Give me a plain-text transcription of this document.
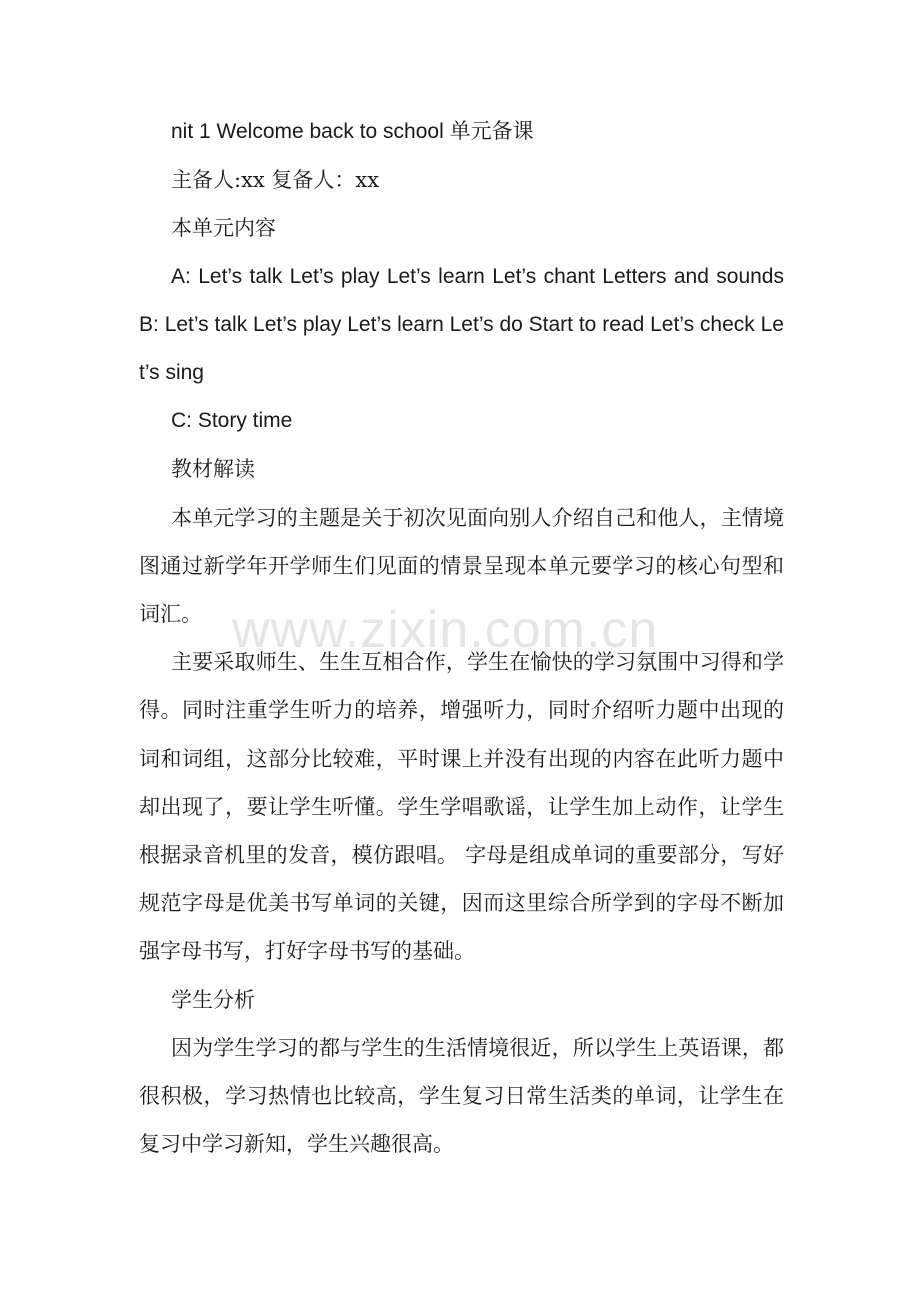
nit 1 Welcome back to school 单元备课

主备人:xx 复备人：xx

本单元内容

A: Let’s talk Let’s play Let’s learn Let’s chant Letters and sounds B: Let’s talk Let’s play Let’s learn Let’s do Start to read Let’s check Let’s sing

C: Story time

教材解读

本单元学习的主题是关于初次见面向别人介绍自己和他人，主情境图通过新学年开学师生们见面的情景呈现本单元要学习的核心句型和词汇。

主要采取师生、生生互相合作，学生在愉快的学习氛围中习得和学得。同时注重学生听力的培养，增强听力，同时介绍听力题中出现的词和词组，这部分比较难，平时课上并没有出现的内容在此听力题中却出现了，要让学生听懂。学生学唱歌谣，让学生加上动作，让学生根据录音机里的发音，模仿跟唱。 字母是组成单词的重要部分，写好规范字母是优美书写单词的关键，因而这里综合所学到的字母不断加强字母书写，打好字母书写的基础。

学生分析

因为学生学习的都与学生的生活情境很近，所以学生上英语课，都很积极，学习热情也比较高，学生复习日常生活类的单词，让学生在复习中学习新知，学生兴趣很高。

www.zixin.com.cn
